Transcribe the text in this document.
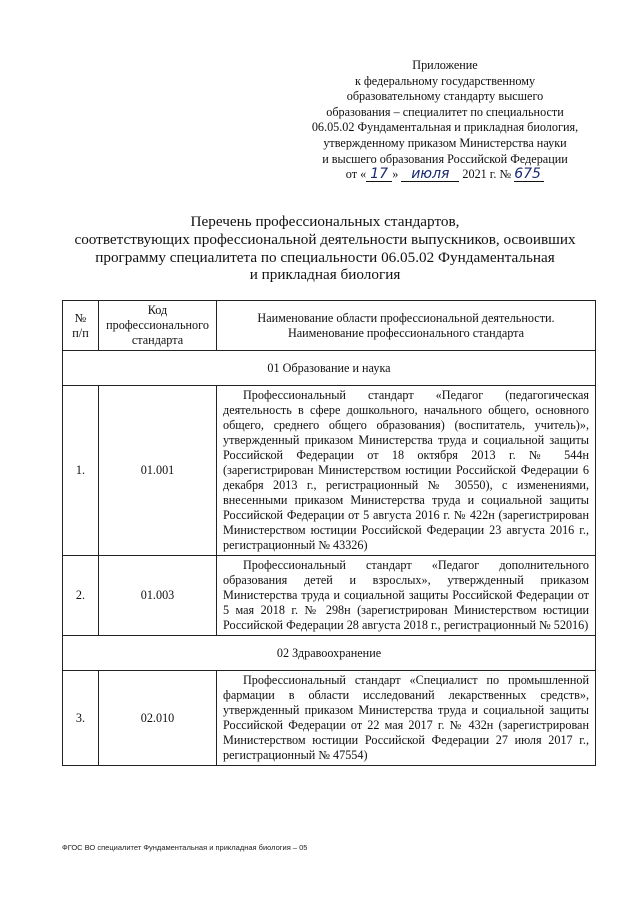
Приложение
к федеральному государственному
образовательному стандарту высшего
образования – специалитет по специальности
06.05.02 Фундаментальная и прикладная биология,
утвержденному приказом Министерства науки
и высшего образования Российской Федерации
от « 17 » июля 2021 г. № 675
Перечень профессиональных стандартов,
соответствующих профессиональной деятельности выпускников, освоивших
программу специалитета по специальности 06.05.02 Фундаментальная
и прикладная биология
№ п/п	Код профессионального стандарта	Наименование области профессиональной деятельности. Наименование профессионального стандарта
01 Образование и наука		
1.	01.001	Профессиональный стандарт «Педагог (педагогическая деятельность в сфере дошкольного, начального общего, основного общего, среднего общего образования) (воспитатель, учитель)», утвержденный приказом Министерства труда и социальной защиты Российской Федерации от 18 октября 2013 г. № 544н (зарегистрирован Министерством юстиции Российской Федерации 6 декабря 2013 г., регистрационный № 30550), с изменениями, внесенными приказом Министерства труда и социальной защиты Российской Федерации от 5 августа 2016 г. № 422н (зарегистрирован Министерством юстиции Российской Федерации 23 августа 2016 г., регистрационный № 43326)
2.	01.003	Профессиональный стандарт «Педагог дополнительного образования детей и взрослых», утвержденный приказом Министерства труда и социальной защиты Российской Федерации от 5 мая 2018 г. № 298н (зарегистрирован Министерством юстиции Российской Федерации 28 августа 2018 г., регистрационный № 52016)
02 Здравоохранение		
3.	02.010	Профессиональный стандарт «Специалист по промышленной фармации в области исследований лекарственных средств», утвержденный приказом Министерства труда и социальной защиты Российской Федерации от 22 мая 2017 г. № 432н (зарегистрирован Министерством юстиции Российской Федерации 27 июля 2017 г., регистрационный № 47554)
ФГОС ВО специалитет Фундаментальная и прикладная биология – 05
